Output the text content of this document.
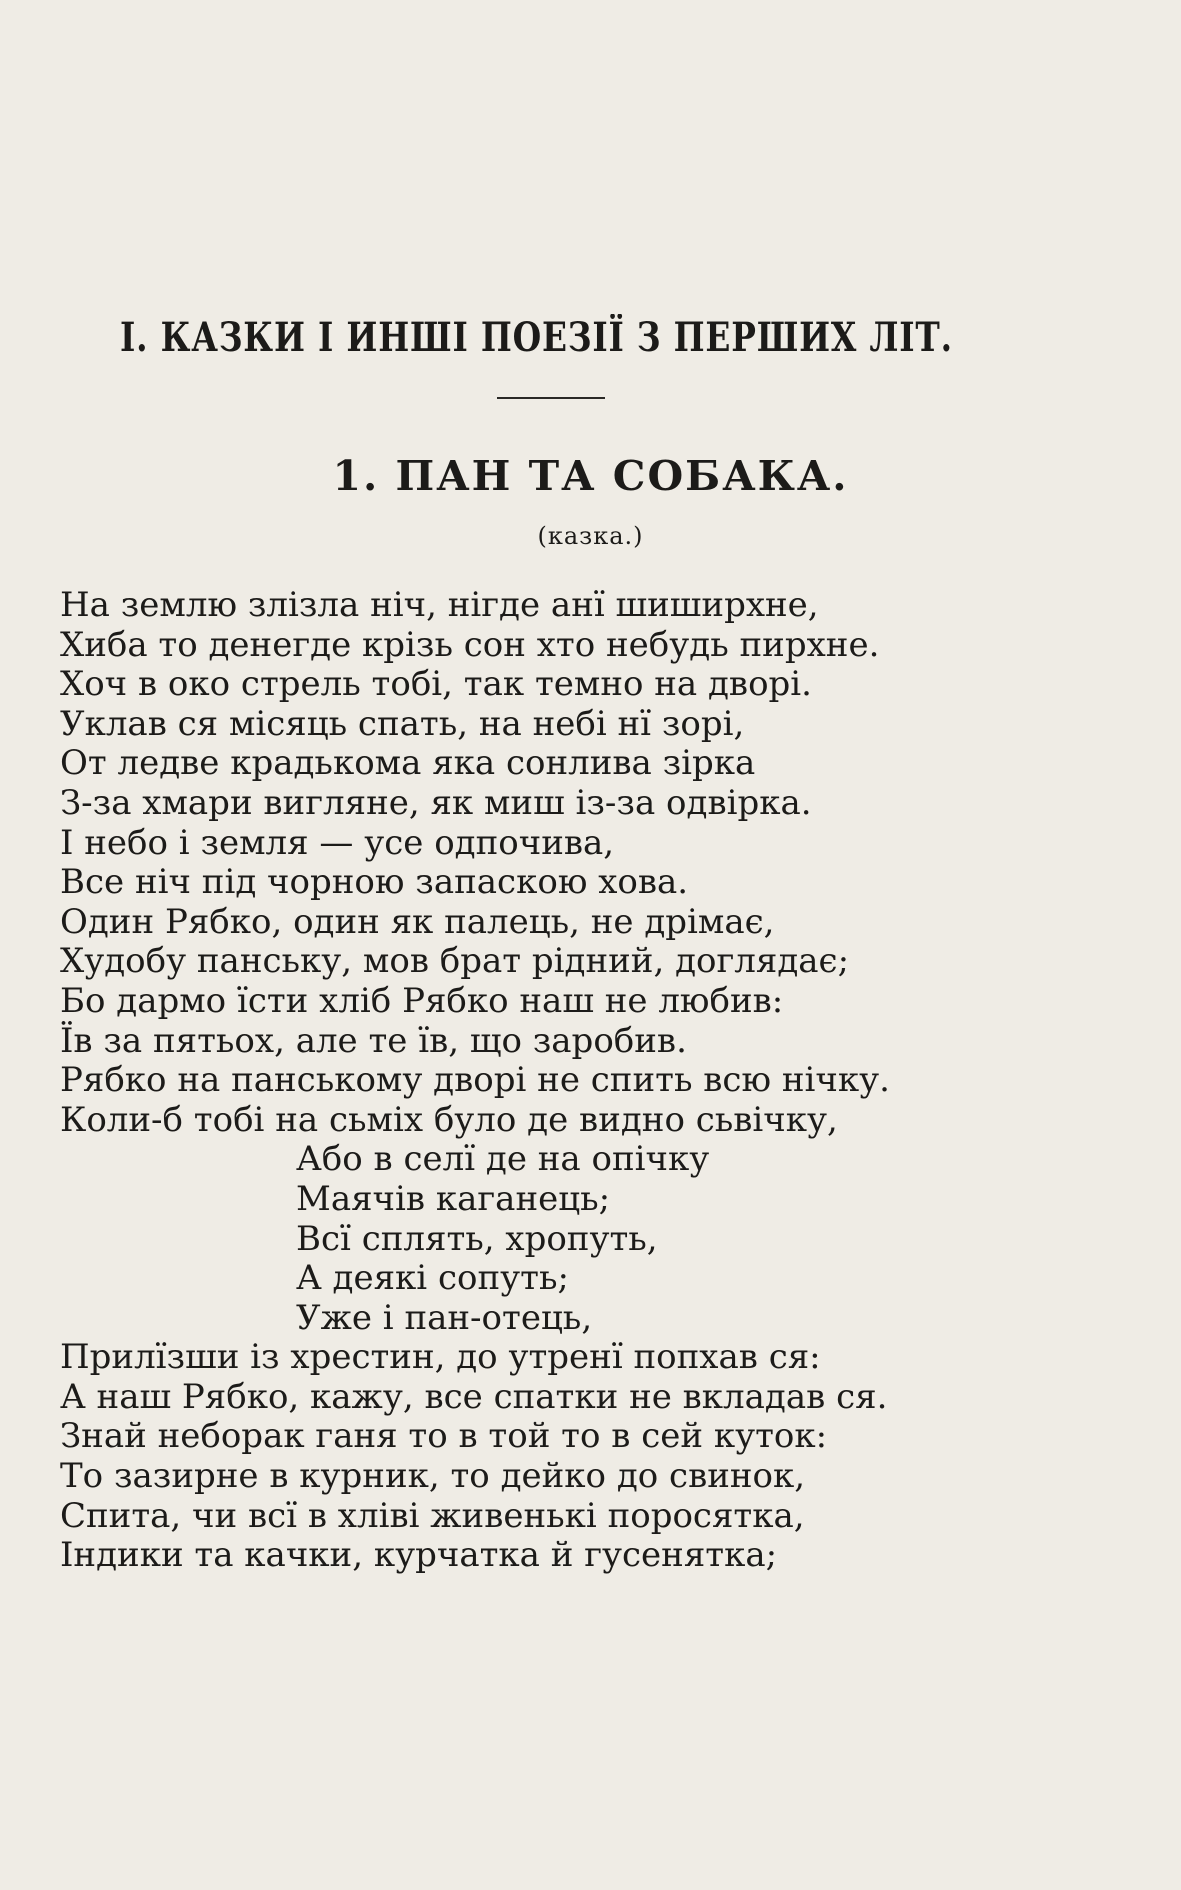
I. КАЗКИ І ИНШІ ПОЕЗІЇ З ПЕРШИХ ЛІТ.
1. ПАН ТА СОБАКА.
(казка.)
На землю злізла ніч, нігде анї шиширхне,
Хиба то денегде крізь сон хто небудь пирхне.
Хоч в око стрель тобі, так темно на дворі.
Уклав ся місяць спать, на небі нї зорі,
От ледве крадькома яка сонлива зірка
З-за хмари вигляне, як миш із-за одвірка.
І небо і земля — усе одпочива,
Все ніч під чорною запаскою хова.
Один Рябко, один як палець, не дрімає,
Худобу панську, мов брат рідний, доглядає;
Бо дармо їсти хліб Рябко наш не любив:
Їв за пятьох, але те їв, що заробив.
Рябко на панському дворі не спить всю нічку.
Коли-б тобі на сьміх було де видно сьвічку,
Або в селї де на опічку
Маячів каганець;
Всї сплять, хропуть,
А деякі сопуть;
Уже і пан-отець,
Прилїзши із хрестин, до утренї попхав ся:
А наш Рябко, кажу, все спатки не вкладав ся.
Знай неборак ганя то в той то в сей куток:
То зазирне в курник, то дейко до свинок,
Спита, чи всї в хліві живенькі поросятка,
Індики та качки, курчатка й гусенятка;
